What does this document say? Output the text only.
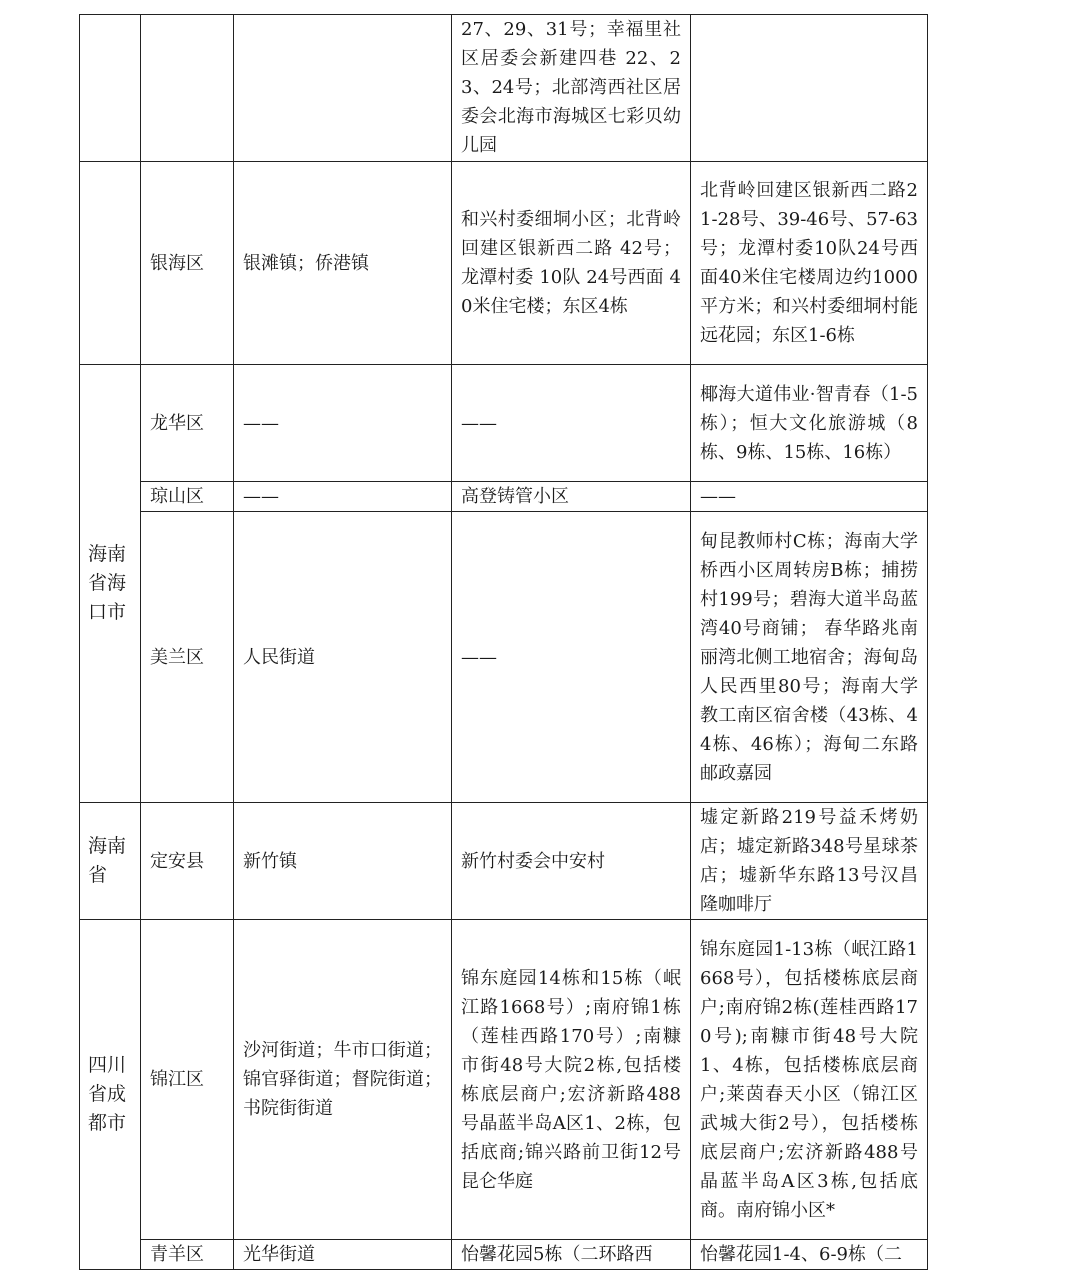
			27、29、31号；幸福里社区居委会新建四巷 22、23、24号；北部湾西社区居委会北海市海城区七彩贝幼儿园	
	银海区	银滩镇；侨港镇	和兴村委细垌小区；北背岭回建区银新西二路 42号；龙潭村委 10队 24号西面 40米住宅楼；东区4栋	北背岭回建区银新西二路21-28号、39-46号、57-63号；龙潭村委10队24号西面40米住宅楼周边约1000平方米；和兴村委细垌村能远花园；东区1-6栋
海南省海口市	龙华区	——	——	椰海大道伟业·智青春（1-5栋）；恒大文化旅游城（8栋、9栋、15栋、16栋）
	琼山区	——	高登铸管小区	——
	美兰区	人民街道	——	甸昆教师村C栋；海南大学桥西小区周转房B栋；捕捞村199号；碧海大道半岛蓝湾40号商铺； 春华路兆南丽湾北侧工地宿舍；海甸岛人民西里80号；海南大学教工南区宿舍楼（43栋、44栋、46栋）；海甸二东路邮政嘉园
海南省	定安县	新竹镇	新竹村委会中安村	墟定新路219号益禾烤奶店；墟定新路348号星球茶店；墟新华东路13号汉昌隆咖啡厅
四川省成都市	锦江区	沙河街道；牛市口街道；锦官驿街道；督院街道；书院街街道	锦东庭园14栋和15栋（岷江路1668号）;南府锦1栋（莲桂西路170号）;南糠市街48号大院2栋,包括楼栋底层商户;宏济新路488号晶蓝半岛A区1、2栋，包括底商;锦兴路前卫街12号昆仑华庭	锦东庭园1-13栋（岷江路1668号），包括楼栋底层商户;南府锦2栋(莲桂西路170号);南糠市街48号大院1、4栋，包括楼栋底层商户;莱茵春天小区（锦江区武城大街2号），包括楼栋底层商户;宏济新路488号晶蓝半岛A区3栋,包括底商。南府锦小区*
	青羊区	光华街道	怡馨花园5栋（二环路西	怡馨花园1-4、6-9栋（二
